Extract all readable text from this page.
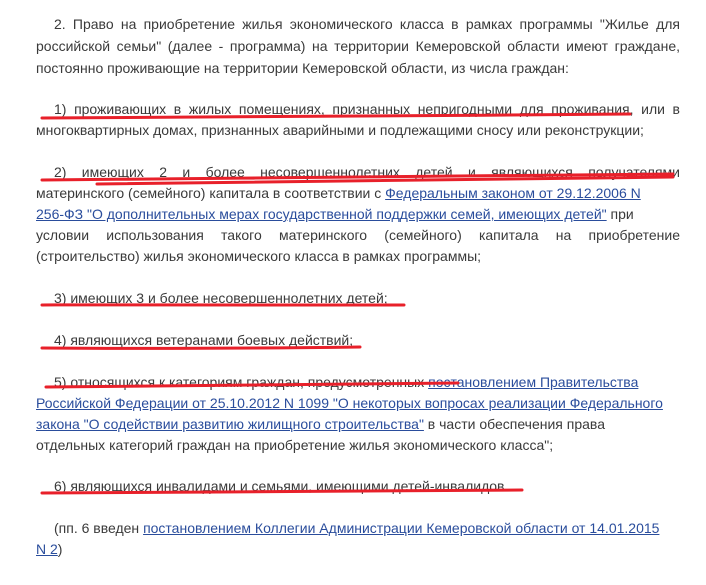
2. Право на приобретение жилья экономического класса в рамках программы "Жилье для
российской семьи" (далее - программа) на территории Кемеровской области имеют граждане,
постоянно проживающие на территории Кемеровской области, из числа граждан:
1) проживающих в жилых помещениях, признанных непригодными для проживания, или в
многоквартирных домах, признанных аварийными и подлежащими сносу или реконструкции;
2) имеющих 2 и более несовершеннолетних детей и являющихся получателями
материнского (семейного) капитала в соответствии с Федеральным законом от 29.12.2006 N
256-ФЗ "О дополнительных мерах государственной поддержки семей, имеющих детей" при
условии использования такого материнского (семейного) капитала на приобретение
(строительство) жилья экономического класса в рамках программы;
3) имеющих 3 и более несовершеннолетних детей;
4) являющихся ветеранами боевых действий;
5) относящихся к категориям граждан, предусмотренных постановлением Правительства
Российской Федерации от 25.10.2012 N 1099 "О некоторых вопросах реализации Федерального
закона "О содействии развитию жилищного строительства" в части обеспечения права
отдельных категорий граждан на приобретение жилья экономического класса";
6) являющихся инвалидами и семьями, имеющими детей-инвалидов.
(пп. 6 введен постановлением Коллегии Администрации Кемеровской области от 14.01.2015
N 2)
